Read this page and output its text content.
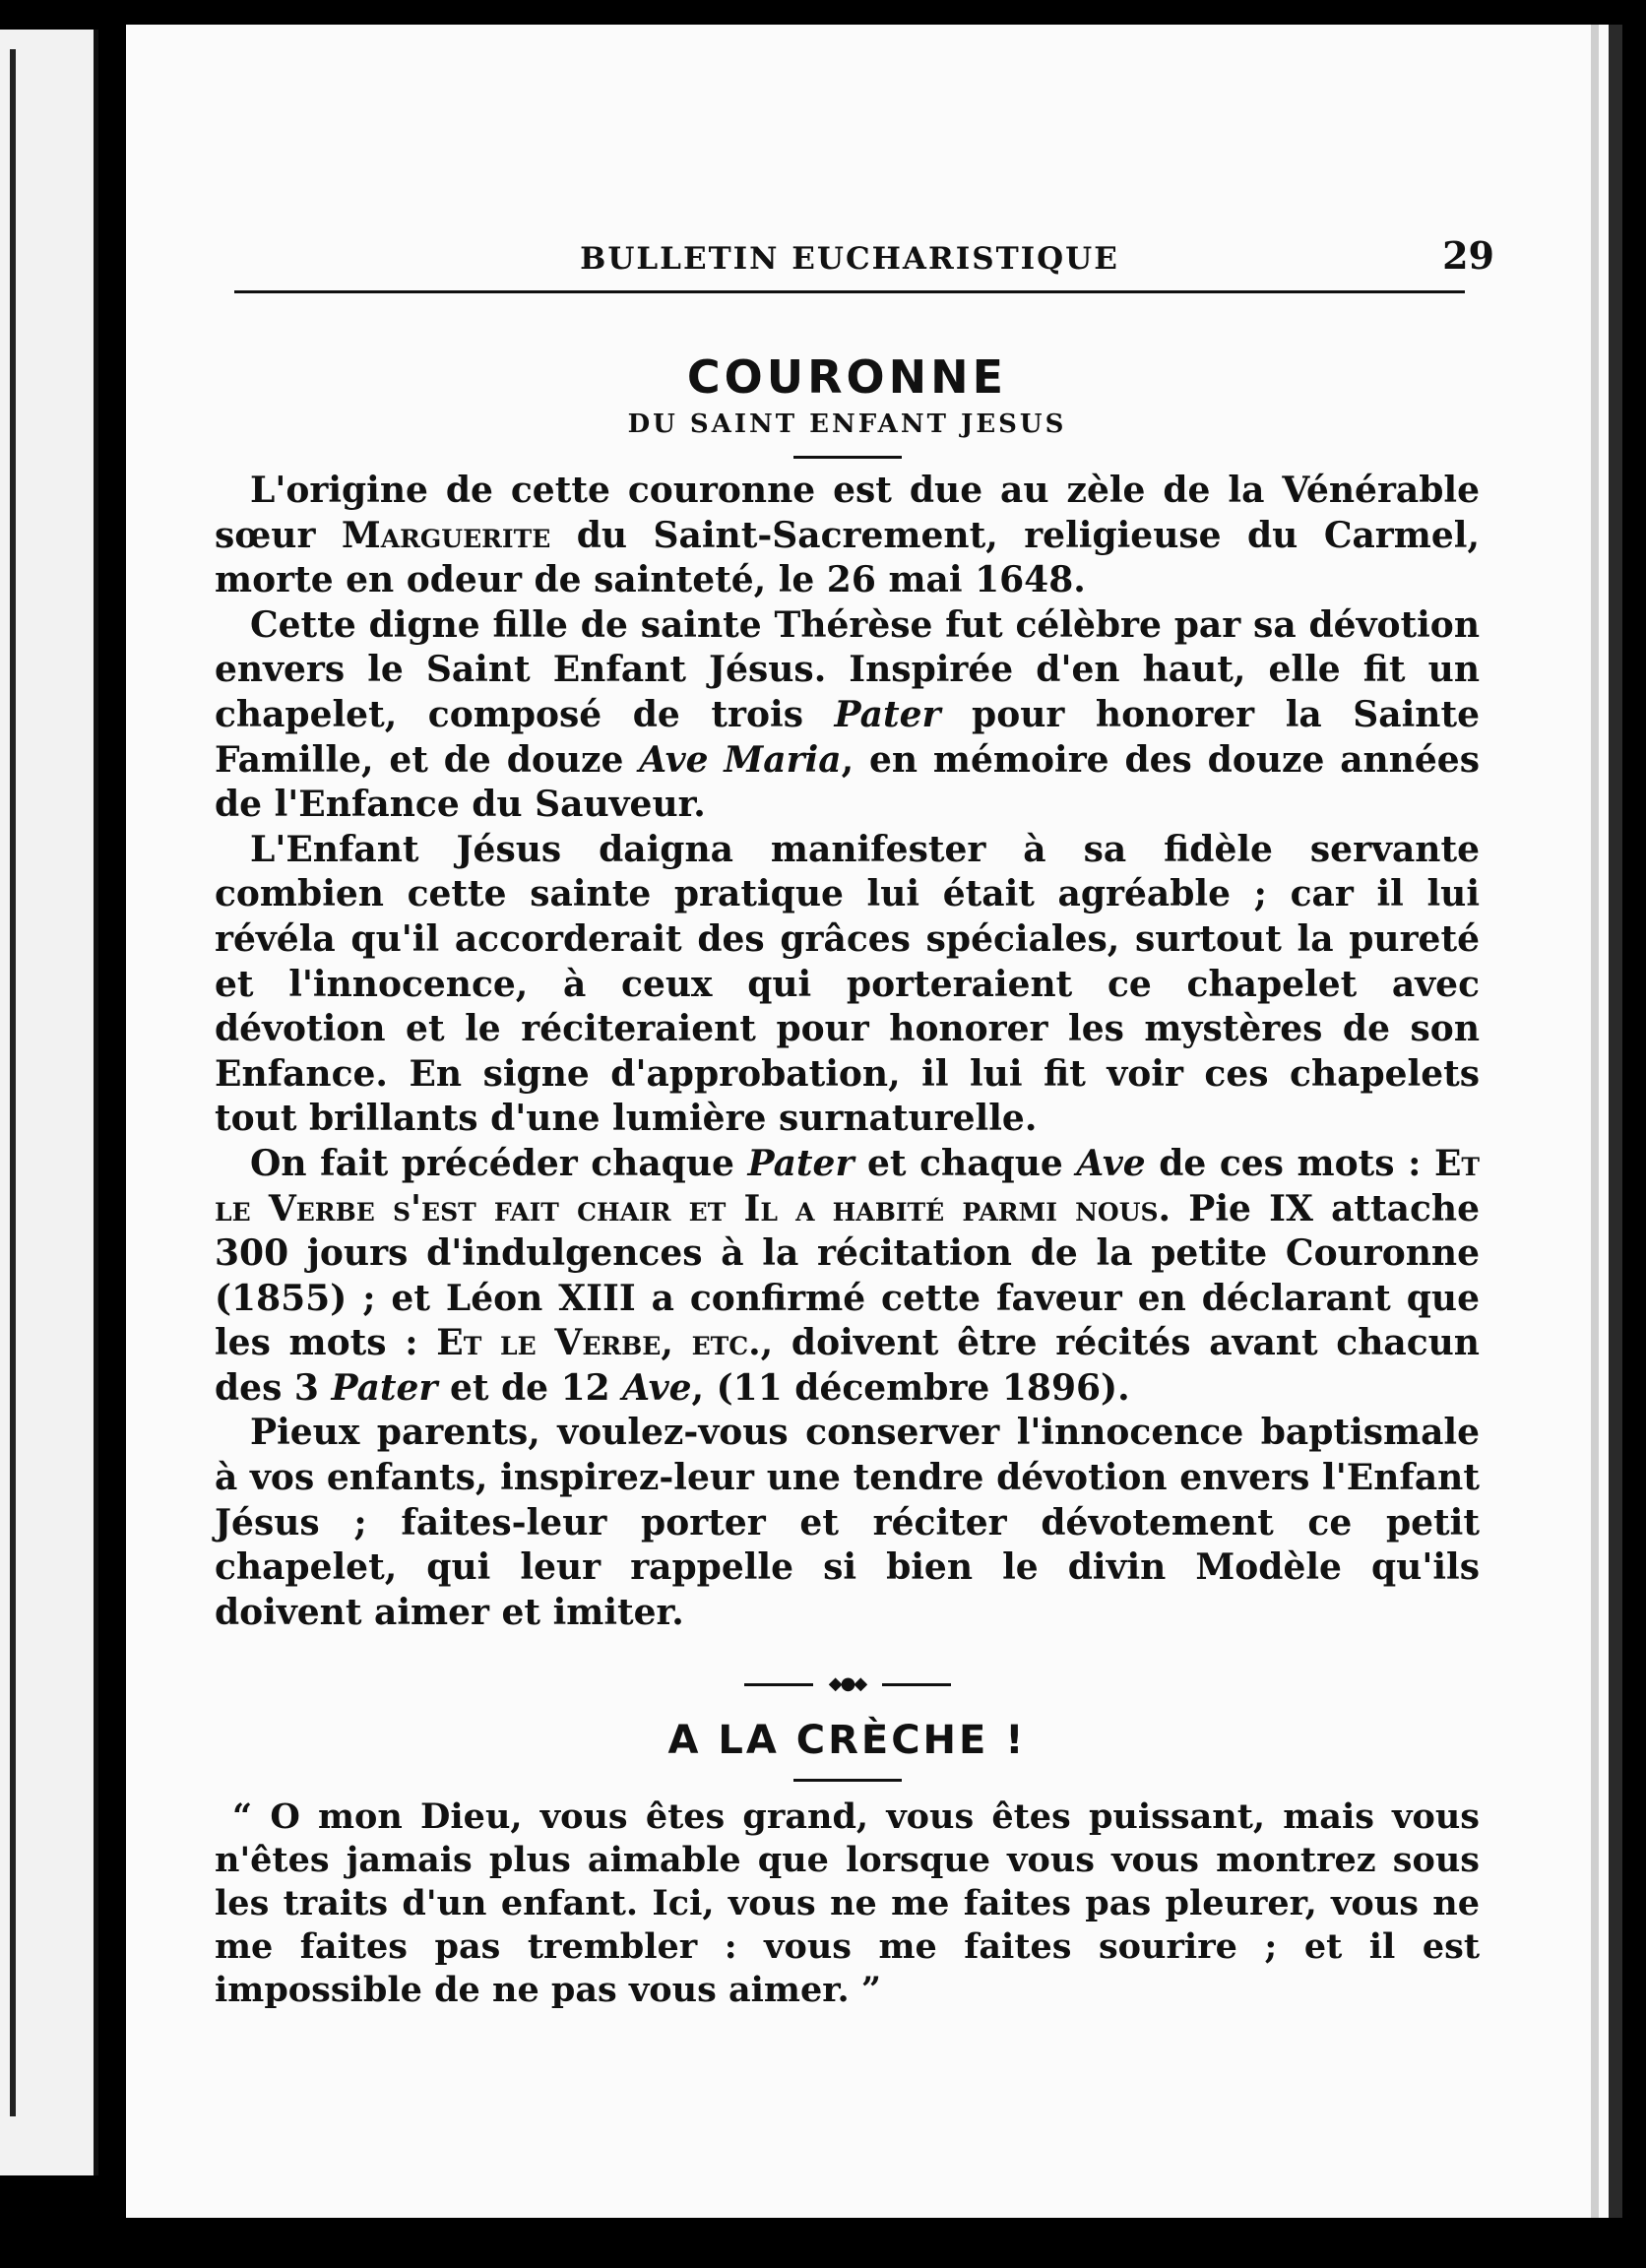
BULLETIN EUCHARISTIQUE	29
COURONNE
DU SAINT ENFANT JESUS

L'origine de cette couronne est due au zèle de la Vénérable sœur Marguerite du Saint-Sacrement, religieuse du Carmel, morte en odeur de sainteté, le 26 mai 1648.

Cette digne fille de sainte Thérèse fut célèbre par sa dévotion envers le Saint Enfant Jésus. Inspirée d'en haut, elle fit un chapelet, composé de trois Pater pour honorer la Sainte Famille, et de douze Ave Maria, en mémoire des douze années de l'Enfance du Sauveur.

L'Enfant Jésus daigna manifester à sa fidèle servante combien cette sainte pratique lui était agréable ; car il lui révéla qu'il accorderait des grâces spéciales, surtout la pureté et l'innocence, à ceux qui porteraient ce chapelet avec dévotion et le réciteraient pour honorer les mystères de son Enfance. En signe d'approbation, il lui fit voir ces chapelets tout brillants d'une lumière surnaturelle.

On fait précéder chaque Pater et chaque Ave de ces mots : Et le Verbe s'est fait chair et Il a habité parmi nous. Pie IX attache 300 jours d'indulgences à la récitation de la petite Couronne (1855) ; et Léon XIII a confirmé cette faveur en déclarant que les mots : Et le Verbe, etc., doivent être récités avant chacun des 3 Pater et de 12 Ave, (11 décembre 1896).

Pieux parents, voulez-vous conserver l'innocence baptismale à vos enfants, inspirez-leur une tendre dévotion envers l'Enfant Jésus ; faites-leur porter et réciter dévotement ce petit chapelet, qui leur rappelle si bien le divin Modèle qu'ils doivent aimer et imiter.

◆●◆
A LA CRÈCHE !

“ O mon Dieu, vous êtes grand, vous êtes puissant, mais vous n'êtes jamais plus aimable que lorsque vous vous montrez sous les traits d'un enfant. Ici, vous ne me faites pas pleurer, vous ne me faites pas trembler : vous me faites sourire ; et il est impossible de ne pas vous aimer. ”
